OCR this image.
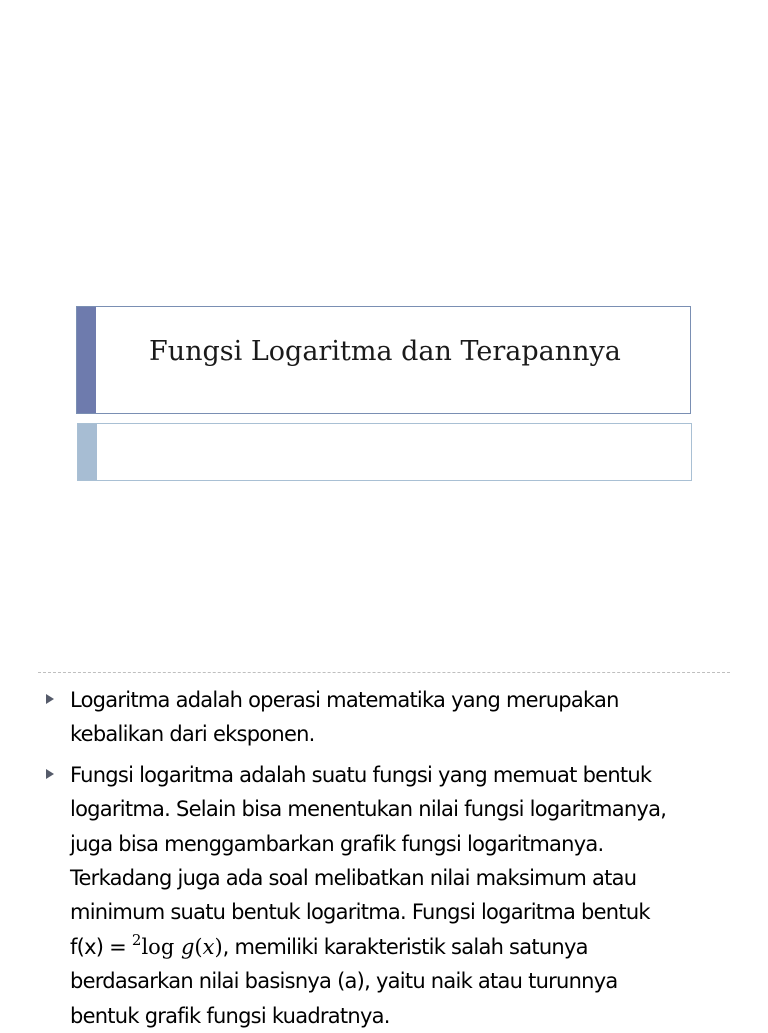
Fungsi Logaritma dan Terapannya
Logaritma adalah operasi matematika yang merupakan
kebalikan dari eksponen.
Fungsi logaritma adalah suatu fungsi yang memuat bentuk
logaritma. Selain bisa menentukan nilai fungsi logaritmanya,
juga bisa menggambarkan grafik fungsi logaritmanya.
Terkadang juga ada soal melibatkan nilai maksimum atau
minimum suatu bentuk logaritma. Fungsi logaritma bentuk
f(x) = $^2$log g(x), memiliki karakteristik salah satunya
berdasarkan nilai basisnya (a), yaitu naik atau turunnya
bentuk grafik fungsi kuadratnya.
